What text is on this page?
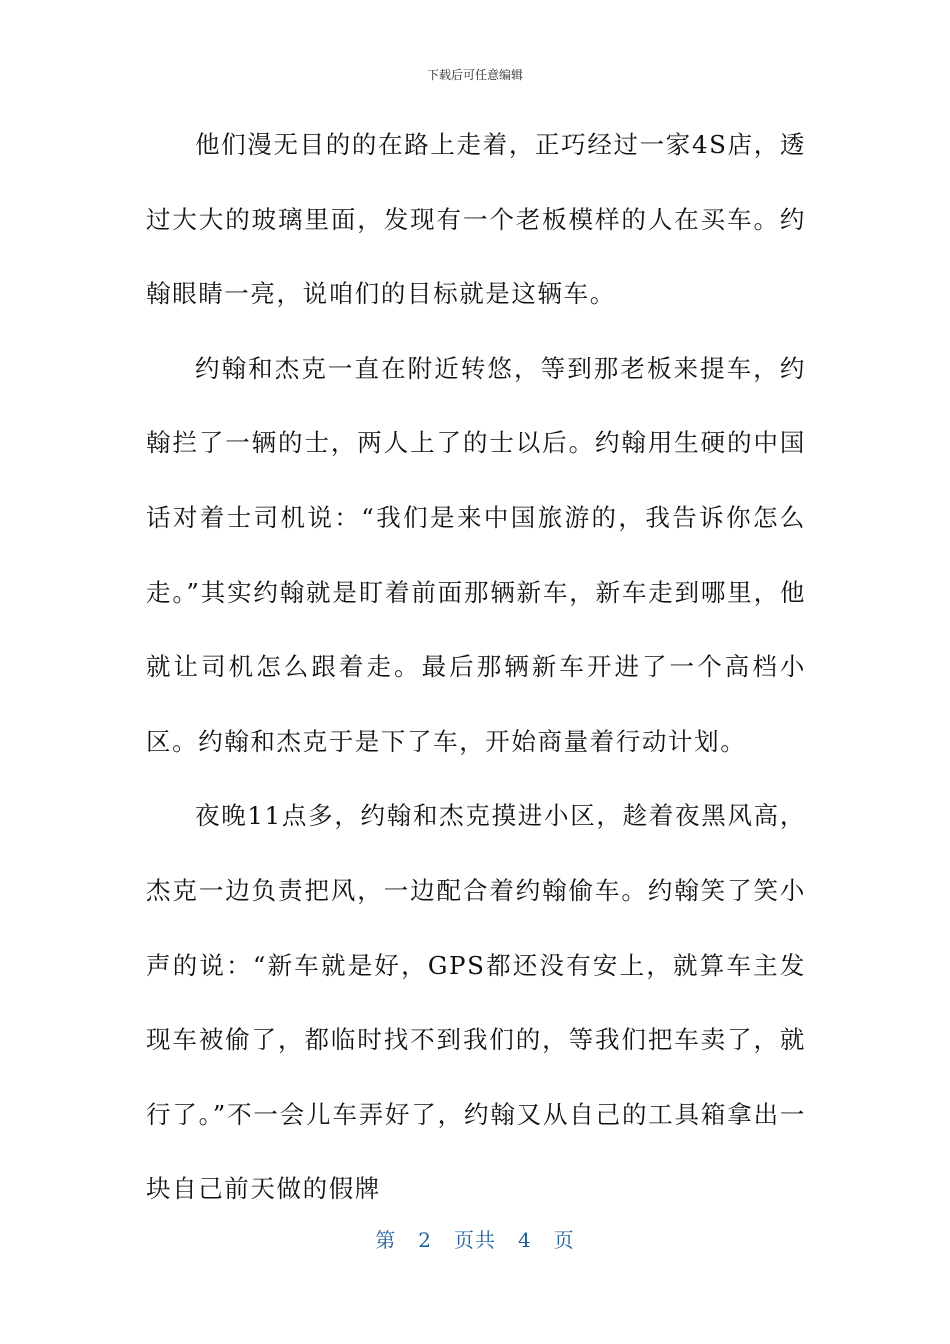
下载后可任意编辑

他们漫无目的的在路上走着，正巧经过一家4S店，透过大大的玻璃里面，发现有一个老板模样的人在买车。约翰眼睛一亮，说咱们的目标就是这辆车。

约翰和杰克一直在附近转悠，等到那老板来提车，约翰拦了一辆的士，两人上了的士以后。约翰用生硬的中国话对着士司机说：“我们是来中国旅游的，我告诉你怎么走。”其实约翰就是盯着前面那辆新车，新车走到哪里，他就让司机怎么跟着走。最后那辆新车开进了一个高档小区。约翰和杰克于是下了车，开始商量着行动计划。

夜晚11点多，约翰和杰克摸进小区，趁着夜黑风高，杰克一边负责把风，一边配合着约翰偷车。约翰笑了笑小声的说：“新车就是好，GPS都还没有安上，就算车主发现车被偷了，都临时找不到我们的，等我们把车卖了，就行了。”不一会儿车弄好了，约翰又从自己的工具箱拿出一块自己前天做的假牌

第 2 页共 4 页
